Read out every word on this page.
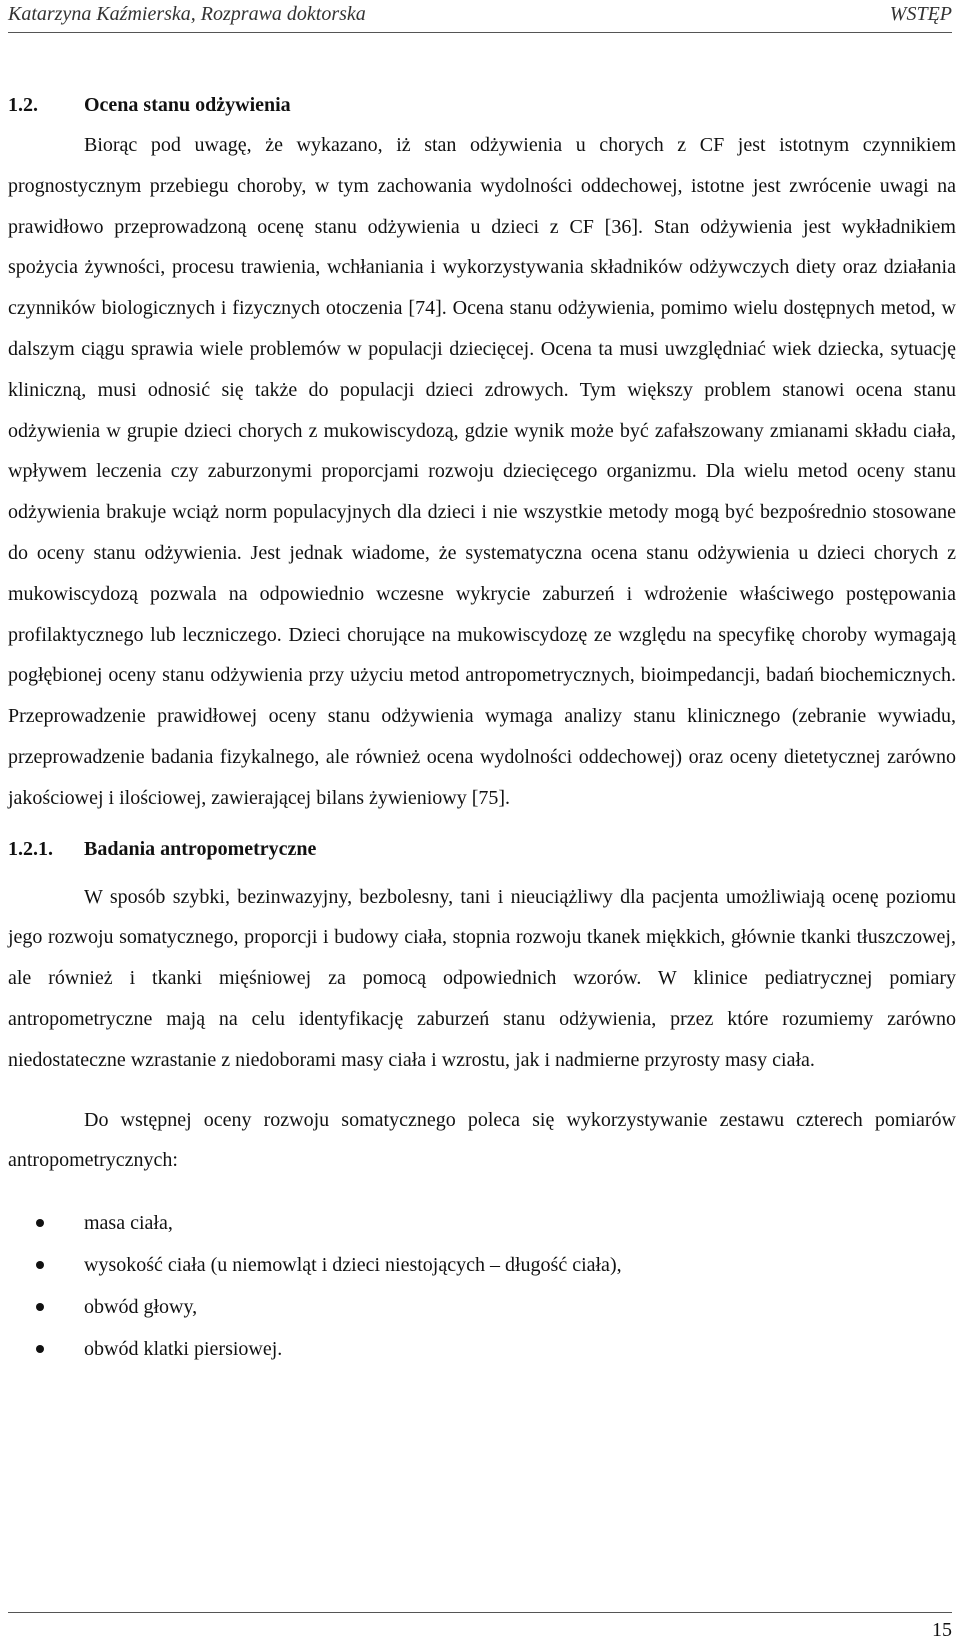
Katarzyna Kaźmierska, Rozprawa doktorska	WSTĘP
1.2.	Ocena stanu odżywienia

Biorąc pod uwagę, że wykazano, iż stan odżywienia u chorych z CF jest istotnym czynnikiem prognostycznym przebiegu choroby, w tym zachowania wydolności oddechowej, istotne jest zwrócenie uwagi na prawidłowo przeprowadzoną ocenę stanu odżywienia u dzieci z CF [36]. Stan odżywienia jest wykładnikiem spożycia żywności, procesu trawienia, wchłaniania i wykorzystywania składników odżywczych diety oraz działania czynników biologicznych i fizycznych otoczenia [74]. Ocena stanu odżywienia, pomimo wielu dostępnych metod, w dalszym ciągu sprawia wiele problemów w populacji dziecięcej. Ocena ta musi uwzględniać wiek dziecka, sytuację kliniczną, musi odnosić się także do populacji dzieci zdrowych. Tym większy problem stanowi ocena stanu odżywienia w grupie dzieci chorych z mukowiscydozą, gdzie wynik może być zafałszowany zmianami składu ciała, wpływem leczenia czy zaburzonymi proporcjami rozwoju dziecięcego organizmu. Dla wielu metod oceny stanu odżywienia brakuje wciąż norm populacyjnych dla dzieci i nie wszystkie metody mogą być bezpośrednio stosowane do oceny stanu odżywienia. Jest jednak wiadome, że systematyczna ocena stanu odżywienia u dzieci chorych z mukowiscydozą pozwala na odpowiednio wczesne wykrycie zaburzeń i wdrożenie właściwego postępowania profilaktycznego lub leczniczego. Dzieci chorujące na mukowiscydozę ze względu na specyfikę choroby wymagają pogłębionej oceny stanu odżywienia przy użyciu metod antropometrycznych, bioimpedancji, badań biochemicznych. Przeprowadzenie prawidłowej oceny stanu odżywienia wymaga analizy stanu klinicznego (zebranie wywiadu, przeprowadzenie badania fizykalnego, ale również ocena wydolności oddechowej) oraz oceny dietetycznej zarówno jakościowej i ilościowej, zawierającej bilans żywieniowy [75].

1.2.1.	Badania antropometryczne

W sposób szybki, bezinwazyjny, bezbolesny, tani i nieuciążliwy dla pacjenta umożliwiają ocenę poziomu jego rozwoju somatycznego, proporcji i budowy ciała, stopnia rozwoju tkanek miękkich, głównie tkanki tłuszczowej, ale również i tkanki mięśniowej za pomocą odpowiednich wzorów. W klinice pediatrycznej pomiary antropometryczne mają na celu identyfikację zaburzeń stanu odżywienia, przez które rozumiemy zarówno niedostateczne wzrastanie z niedoborami masy ciała i wzrostu, jak i nadmierne przyrosty masy ciała.

Do wstępnej oceny rozwoju somatycznego poleca się wykorzystywanie zestawu czterech pomiarów antropometrycznych:

masa ciała,
wysokość ciała (u niemowląt i dzieci niestojących – długość ciała),
obwód głowy,
obwód klatki piersiowej.
15
